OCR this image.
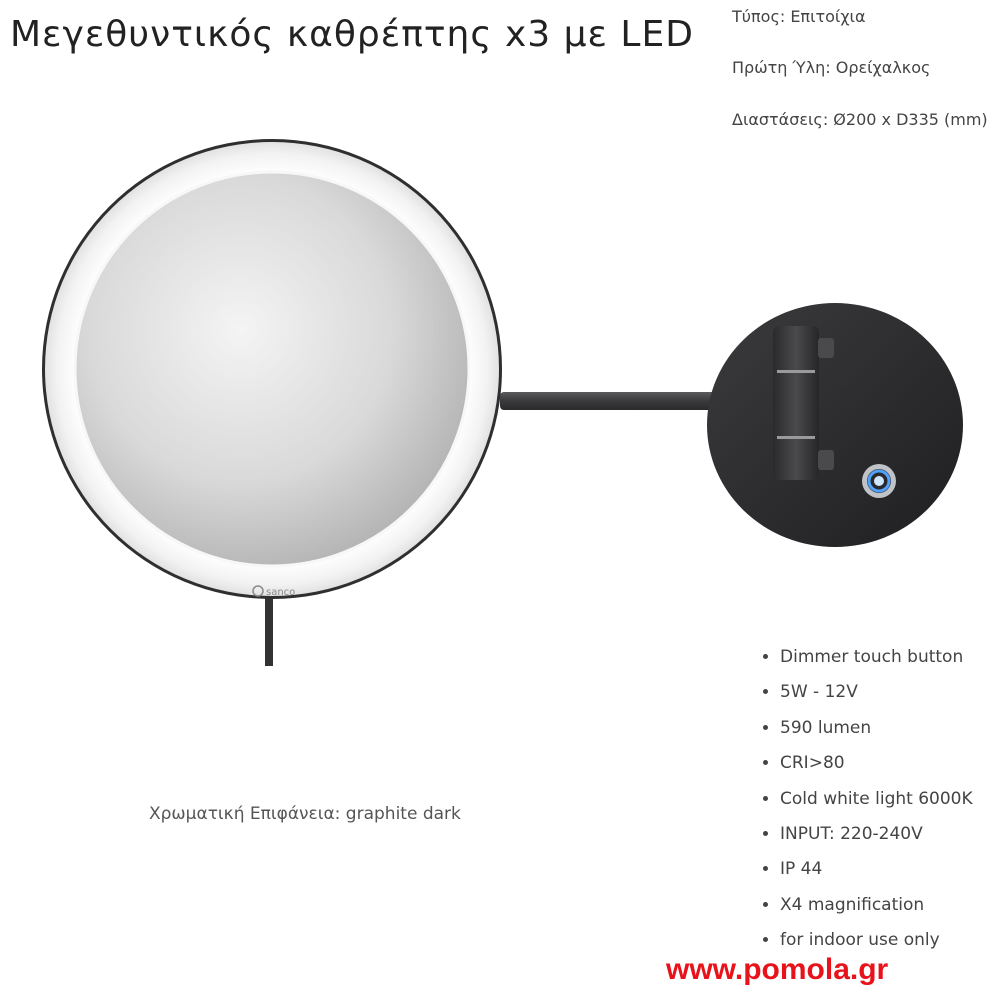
Μεγεθυντικός καθρέπτης x3 με LED Τύπος: Επιτοίχια
Πρώτη Ύλη: Ορείχαλκος
Διαστάσεις: Ø200 x D335 (mm)
sanco
Χρωματική Επιφάνεια: graphite dark
• Dimmer touch button
• 5W - 12V
• 590 lumen
• CRI>80
• Cold white light 6000K
• INPUT: 220-240V
• IP 44
• X4 magnification
• for indoor use only
www.pomola.gr
